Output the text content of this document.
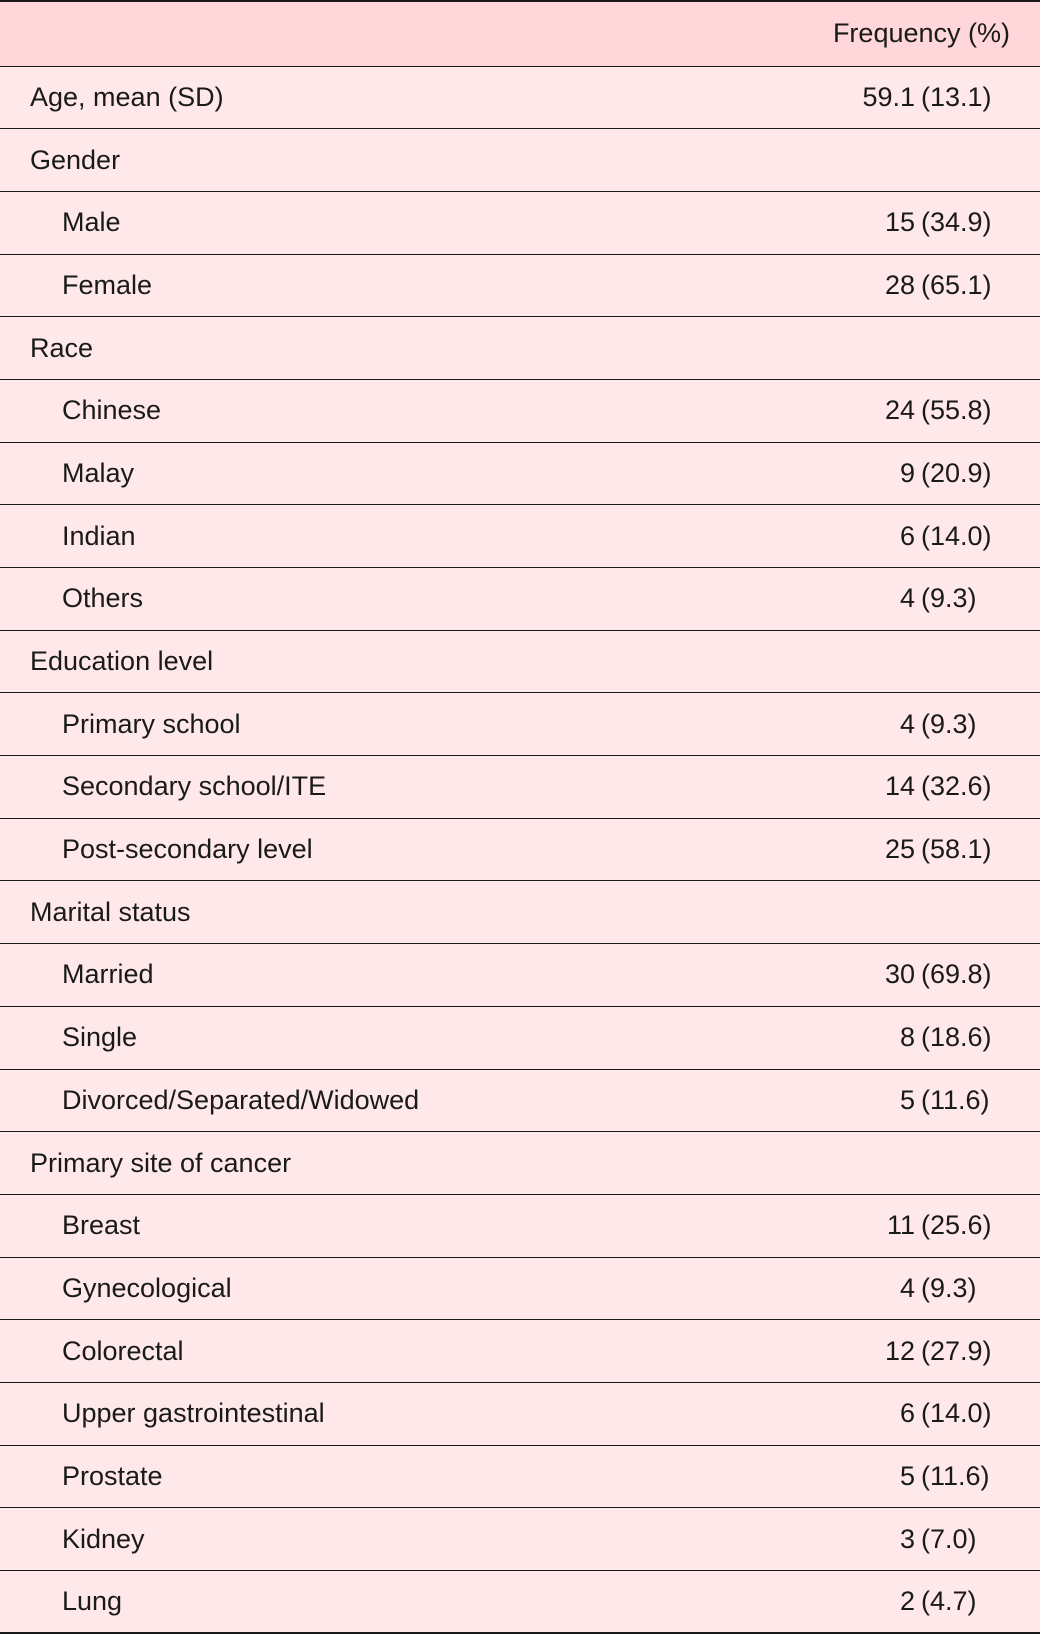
	Frequency (%)
Age, mean (SD)	59.1 (13.1)
Gender	
Male	15 (34.9)
Female	28 (65.1)
Race	
Chinese	24 (55.8)
Malay	9 (20.9)
Indian	6 (14.0)
Others	4 (9.3)
Education level	
Primary school	4 (9.3)
Secondary school/ITE	14 (32.6)
Post-secondary level	25 (58.1)
Marital status	
Married	30 (69.8)
Single	8 (18.6)
Divorced/Separated/Widowed	5 (11.6)
Primary site of cancer	
Breast	11 (25.6)
Gynecological	4 (9.3)
Colorectal	12 (27.9)
Upper gastrointestinal	6 (14.0)
Prostate	5 (11.6)
Kidney	3 (7.0)
Lung	2 (4.7)
